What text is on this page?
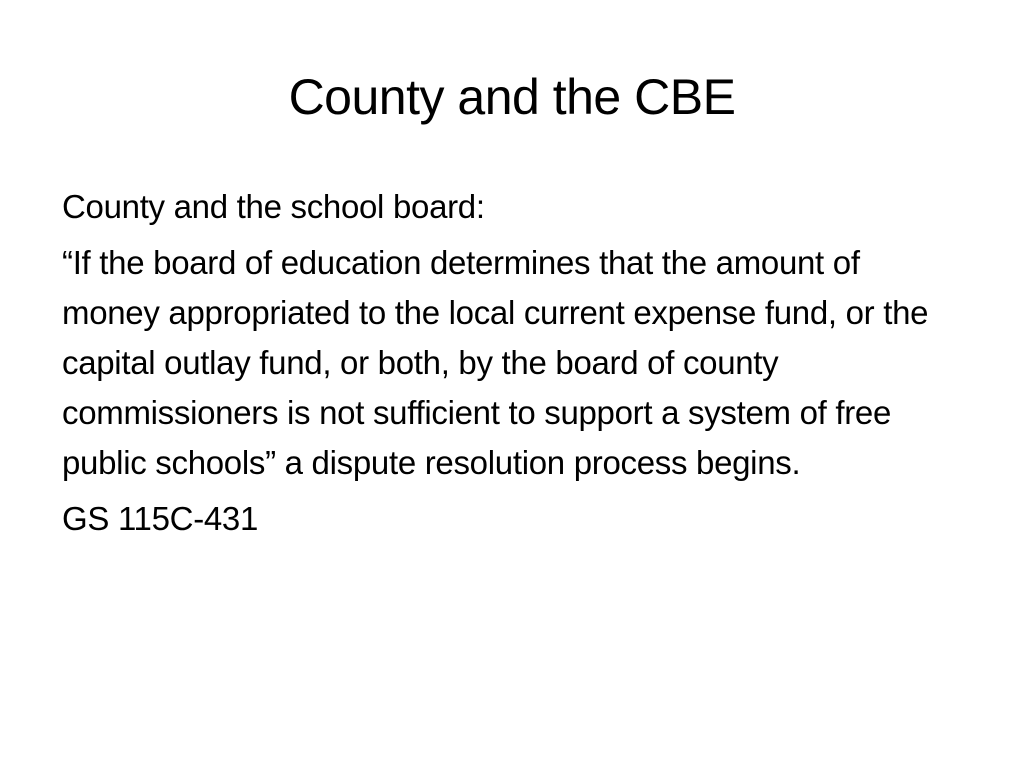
County and the CBE

County and the school board:

“If the board of education determines that the amount of money appropriated to the local current expense fund, or the capital outlay fund, or both, by the board of county commissioners is not sufficient to support a system of free public schools” a dispute resolution process begins.

GS 115C-431
